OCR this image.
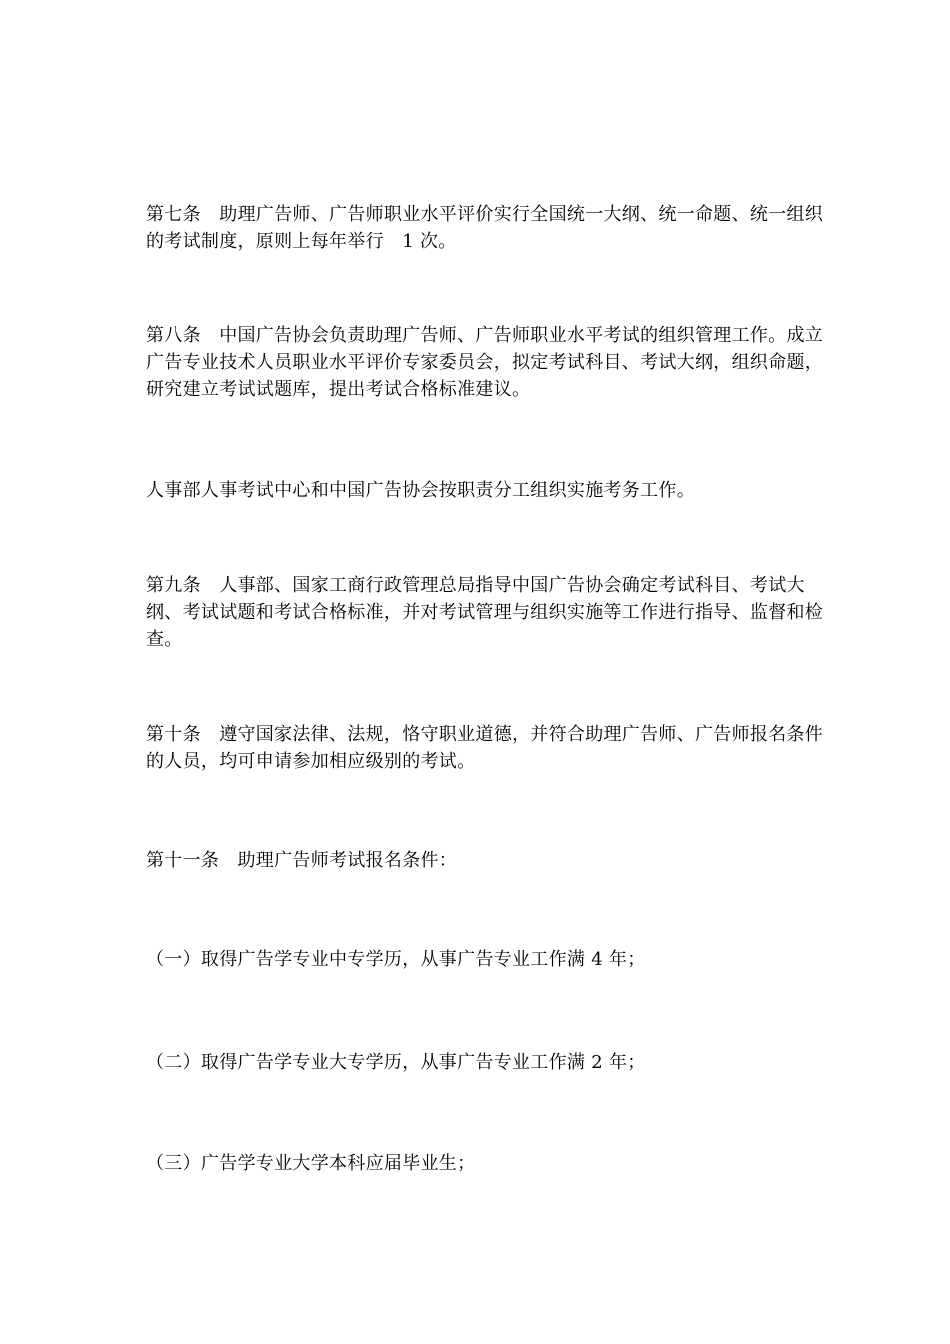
第七条　助理广告师、广告师职业水平评价实行全国统一大纲、统一命题、统一组织的考试制度，原则上每年举行　1 次。

第八条　中国广告协会负责助理广告师、广告师职业水平考试的组织管理工作。成立广告专业技术人员职业水平评价专家委员会，拟定考试科目、考试大纲，组织命题，研究建立考试试题库，提出考试合格标准建议。

人事部人事考试中心和中国广告协会按职责分工组织实施考务工作。

第九条　人事部、国家工商行政管理总局指导中国广告协会确定考试科目、考试大纲、考试试题和考试合格标准，并对考试管理与组织实施等工作进行指导、监督和检查。

第十条　遵守国家法律、法规，恪守职业道德，并符合助理广告师、广告师报名条件的人员，均可申请参加相应级别的考试。

第十一条　助理广告师考试报名条件：

（一）取得广告学专业中专学历，从事广告专业工作满 4 年；

（二）取得广告学专业大专学历，从事广告专业工作满 2 年；

（三）广告学专业大学本科应届毕业生；
